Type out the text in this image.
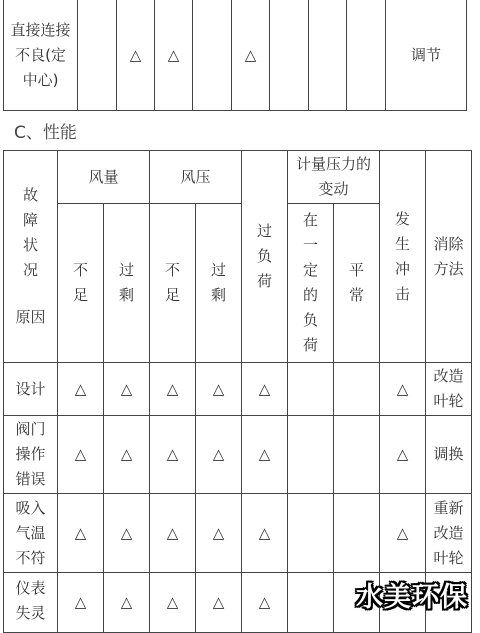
直接连接不良(定中心)		△	△		△				调节
C、性能
故障状况
原因	风量		风压		过负荷	计量压力的变动		发生冲击	消除方法
	不足	过剩	不足	过剩		在一定的负荷	平常		
设计	△	△	△	△	△			△	改造叶轮
阀门操作错误	△	△	△	△	△			△	调换
吸入气温不符	△	△	△	△	△			△	重新改造叶轮
仪表失灵	△	△	△	△	△					水美环保
